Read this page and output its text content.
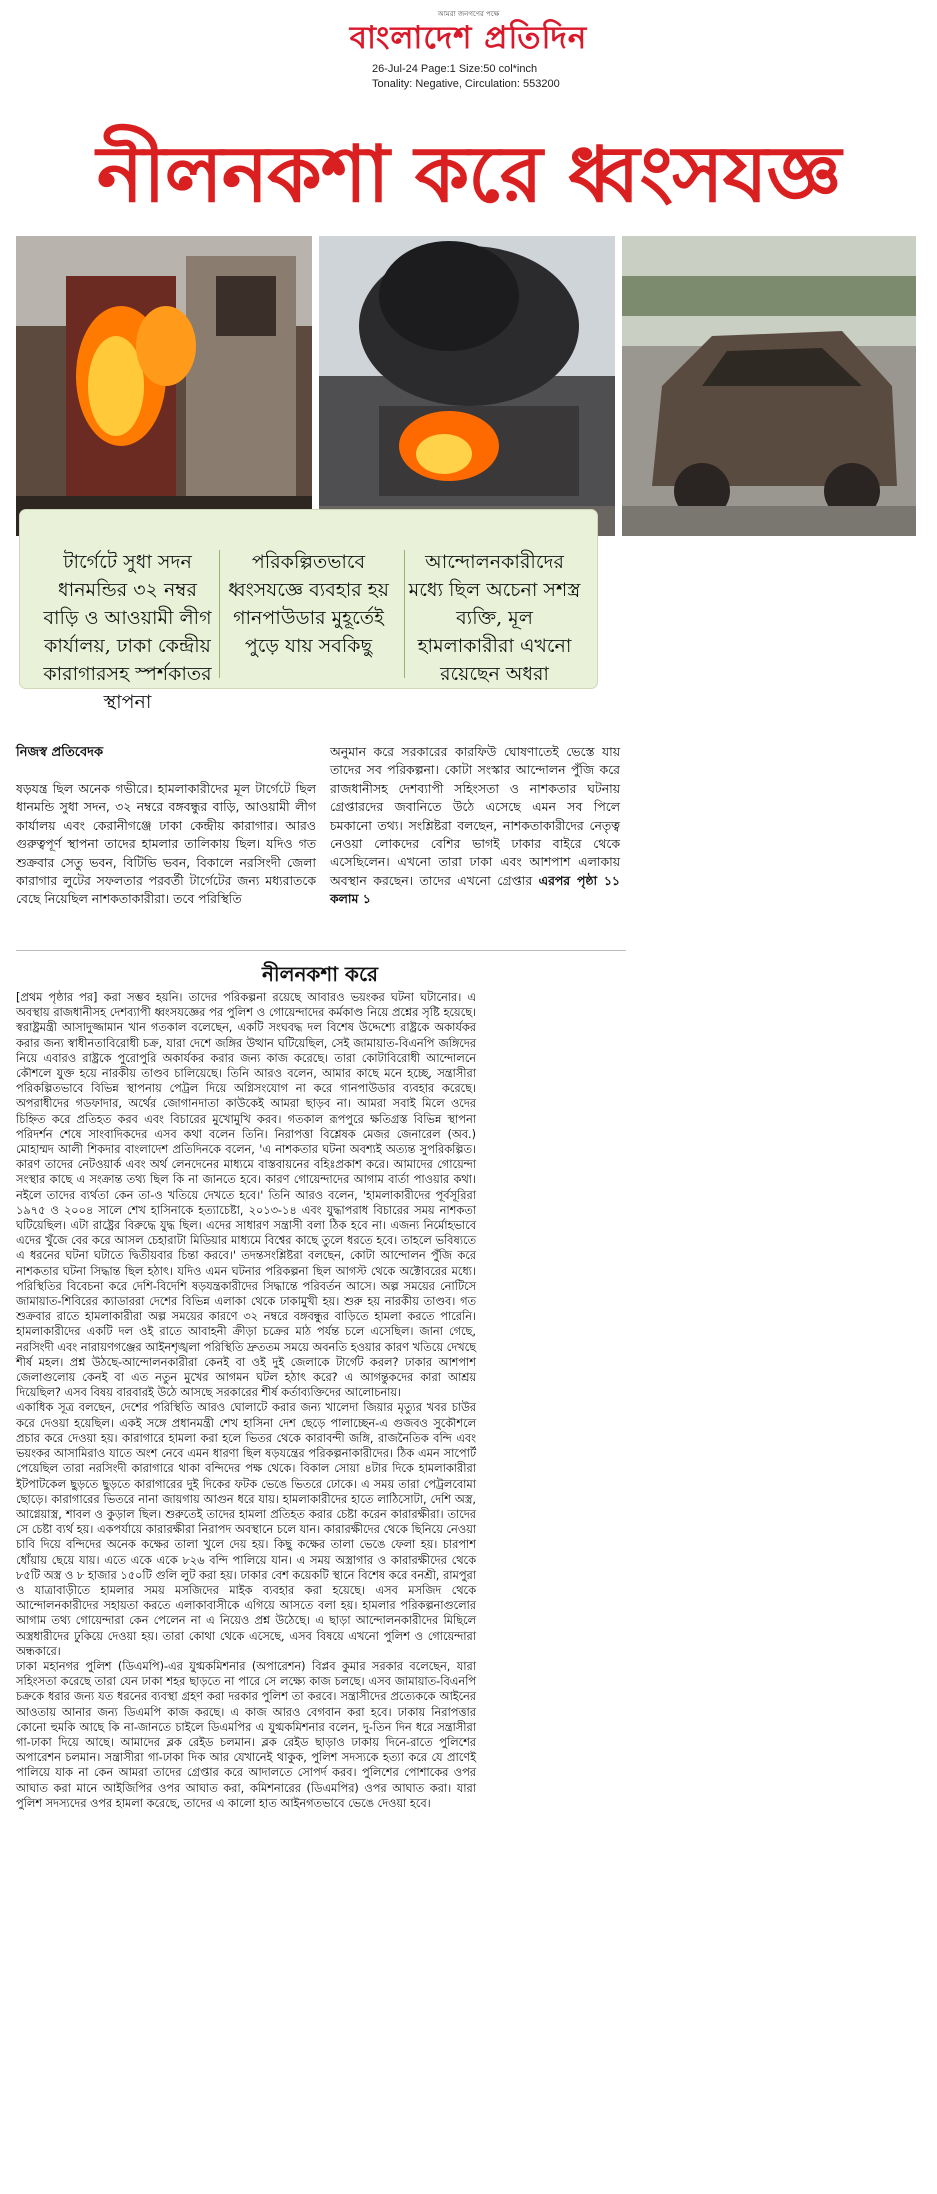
আমরা জনগণের পক্ষে
বাংলাদেশ প্রতিদিন
26-Jul-24 Page:1 Size:50 col*inch
Tonality: Negative, Circulation: 553200
নীলনকশা করে ধ্বংসযজ্ঞ
টার্গেটে সুধা সদন ধানমন্ডির ৩২ নম্বর বাড়ি ও আওয়ামী লীগ কার্যালয়, ঢাকা কেন্দ্রীয় কারাগারসহ স্পর্শকাতর স্থাপনা
পরিকল্পিতভাবে ধ্বংসযজ্ঞে ব্যবহার হয় গানপাউডার মুহূর্তেই পুড়ে যায় সবকিছু
আন্দোলনকারীদের মধ্যে ছিল অচেনা সশস্ত্র ব্যক্তি, মূল হামলাকারীরা এখনো রয়েছেন অধরা
নিজস্ব প্রতিবেদক
ষড়যন্ত্র ছিল অনেক গভীরে। হামলাকারীদের মূল টার্গেটে ছিল ধানমন্ডি সুধা সদন, ৩২ নম্বরে বঙ্গবন্ধুর বাড়ি, আওয়ামী লীগ কার্যালয় এবং কেরানীগঞ্জে ঢাকা কেন্দ্রীয় কারাগার। আরও গুরুত্বপূর্ণ স্থাপনা তাদের হামলার তালিকায় ছিল। যদিও গত শুক্রবার সেতু ভবন, বিটিভি ভবন, বিকালে নরসিংদী জেলা কারাগার লুটের সফলতার পরবর্তী টার্গেটের জন্য মধ্যরাতকে বেছে নিয়েছিল নাশকতাকারীরা। তবে পরিস্থিতি
অনুমান করে সরকারের কারফিউ ঘোষণাতেই ভেস্তে যায় তাদের সব পরিকল্পনা। কোটা সংস্কার আন্দোলন পুঁজি করে রাজধানীসহ দেশব্যাপী সহিংসতা ও নাশকতার ঘটনায় গ্রেপ্তারদের জবানিতে উঠে এসেছে এমন সব পিলে চমকানো তথ্য। সংশ্লিষ্টরা বলছেন, নাশকতাকারীদের নেতৃত্ব নেওয়া লোকদের বেশির ভাগই ঢাকার বাইরে থেকে এসেছিলেন। এখনো তারা ঢাকা এবং আশপাশ এলাকায় অবস্থান করছেন। তাদের এখনো গ্রেপ্তার এরপর পৃষ্ঠা ১১ কলাম ১
নীলনকশা করে

[প্রথম পৃষ্ঠার পর] করা সম্ভব হয়নি। তাদের পরিকল্পনা রয়েছে আবারও ভয়ংকর ঘটনা ঘটানোর। এ অবস্থায় রাজধানীসহ দেশব্যাপী ধ্বংসযজ্ঞের পর পুলিশ ও গোয়েন্দাদের কর্মকাণ্ড নিয়ে প্রশ্নের সৃষ্টি হয়েছে। স্বরাষ্ট্রমন্ত্রী আসাদুজ্জামান খান গতকাল বলেছেন, একটি সংঘবদ্ধ দল বিশেষ উদ্দেশ্যে রাষ্ট্রকে অকার্যকর করার জন্য স্বাধীনতাবিরোধী চক্র, যারা দেশে জঙ্গির উত্থান ঘটিয়েছিল, সেই জামায়াত-বিএনপি জঙ্গিদের নিয়ে এবারও রাষ্ট্রকে পুরোপুরি অকার্যকর করার জন্য কাজ করেছে। তারা কোটাবিরোধী আন্দোলনে কৌশলে যুক্ত হয়ে নারকীয় তাণ্ডব চালিয়েছে। তিনি আরও বলেন, আমার কাছে মনে হচ্ছে, সন্ত্রাসীরা পরিকল্পিতভাবে বিভিন্ন স্থাপনায় পেট্রল দিয়ে অগ্নিসংযোগ না করে গানপাউডার ব্যবহার করেছে। অপরাধীদের গডফাদার, অর্থের জোগানদাতা কাউকেই আমরা ছাড়ব না। আমরা সবাই মিলে ওদের চিহ্নিত করে প্রতিহত করব এবং বিচারের মুখোমুখি করব। গতকাল রূপপুরে ক্ষতিগ্রস্ত বিভিন্ন স্থাপনা পরিদর্শন শেষে সাংবাদিকদের এসব কথা বলেন তিনি। নিরাপত্তা বিশ্লেষক মেজর জেনারেল (অব.) মোহাম্মদ আলী শিকদার বাংলাদেশ প্রতিদিনকে বলেন, 'এ নাশকতার ঘটনা অবশ্যই অত্যন্ত সুপরিকল্পিত। কারণ তাদের নেটওয়ার্ক এবং অর্থ লেনদেনের মাধ্যমে বাস্তবায়নের বহিঃপ্রকাশ করে। আমাদের গোয়েন্দা সংস্থার কাছে এ সংক্রান্ত তথ্য ছিল কি না জানতে হবে। কারণ গোয়েন্দাদের আগাম বার্তা পাওয়ার কথা। নইলে তাদের ব্যর্থতা কেন তা-ও খতিয়ে দেখতে হবে।' তিনি আরও বলেন, 'হামলাকারীদের পূর্বসূরিরা ১৯৭৫ ও ২০০৪ সালে শেখ হাসিনাকে হত্যাচেষ্টা, ২০১৩-১৪ এবং যুদ্ধাপরাধ বিচারের সময় নাশকতা ঘটিয়েছিল। এটা রাষ্ট্রের বিরুদ্ধে যুদ্ধ ছিল। এদের সাধারণ সন্ত্রাসী বলা ঠিক হবে না। এজন্য নির্মোহভাবে এদের খুঁজে বের করে আসল চেহারাটা মিডিয়ার মাধ্যমে বিশ্বের কাছে তুলে ধরতে হবে। তাহলে ভবিষ্যতে এ ধরনের ঘটনা ঘটাতে দ্বিতীয়বার চিন্তা করবে।' তদন্তসংশ্লিষ্টরা বলছেন, কোটা আন্দোলন পুঁজি করে নাশকতার ঘটনা সিদ্ধান্ত ছিল হঠাৎ। যদিও এমন ঘটনার পরিকল্পনা ছিল আগস্ট থেকে অক্টোবরের মধ্যে। পরিস্থিতির বিবেচনা করে দেশি-বিদেশি ষড়যন্ত্রকারীদের সিদ্ধান্তে পরিবর্তন আসে। অল্প সময়ের নোটিসে জামায়াত-শিবিরের ক্যাডাররা দেশের বিভিন্ন এলাকা থেকে ঢাকামুখী হয়। শুরু হয় নারকীয় তাণ্ডব। গত শুক্রবার রাতে হামলাকারীরা অল্প সময়ের কারণে ৩২ নম্বরে বঙ্গবন্ধুর বাড়িতে হামলা করতে পারেনি। হামলাকারীদের একটি দল ওই রাতে আবাহনী ক্রীড়া চক্রের মাঠ পর্যন্ত চলে এসেছিল। জানা গেছে, নরসিংদী এবং নারায়ণগঞ্জের আইনশৃঙ্খলা পরিস্থিতি দ্রুততম সময়ে অবনতি হওয়ার কারণ খতিয়ে দেখছে শীর্ষ মহল। প্রশ্ন উঠছে-আন্দোলনকারীরা কেনই বা ওই দুই জেলাকে টার্গেট করল? ঢাকার আশপাশ জেলাগুলোয় কেনই বা এত নতুন মুখের আগমন ঘটল হঠাৎ করে? এ আগন্তুকদের কারা আশ্রয় দিয়েছিল? এসব বিষয় বারবারই উঠে আসছে সরকারের শীর্ষ কর্তাব্যক্তিদের আলোচনায়।

একাধিক সূত্র বলছেন, দেশের পরিস্থিতি আরও ঘোলাটে করার জন্য খালেদা জিয়ার মৃত্যুর খবর চাউর করে দেওয়া হয়েছিল। একই সঙ্গে প্রধানমন্ত্রী শেখ হাসিনা দেশ ছেড়ে পালাচ্ছেন-এ গুজবও সুকৌশলে প্রচার করে দেওয়া হয়। কারাগারে হামলা করা হলে ভিতর থেকে কারাবন্দী জঙ্গি, রাজনৈতিক বন্দি এবং ভয়ংকর আসামিরাও যাতে অংশ নেবে এমন ধারণা ছিল ষড়যন্ত্রের পরিকল্পনাকারীদের। ঠিক এমন সাপোর্ট পেয়েছিল তারা নরসিংদী কারাগারে থাকা বন্দিদের পক্ষ থেকে। বিকাল সোয়া ৪টার দিকে হামলাকারীরা ইটপাটকেল ছুড়তে ছুড়তে কারাগারের দুই দিকের ফটক ভেঙে ভিতরে ঢোকে। এ সময় তারা পেট্রলবোমা ছোড়ে। কারাগারের ভিতরে নানা জায়গায় আগুন ধরে যায়। হামলাকারীদের হাতে লাঠিসোটা, দেশি অস্ত্র, আগ্নেয়াস্ত্র, শাবল ও কুড়াল ছিল। শুরুতেই তাদের হামলা প্রতিহত করার চেষ্টা করেন কারারক্ষীরা। তাদের সে চেষ্টা ব্যর্থ হয়। একপর্যায়ে কারারক্ষীরা নিরাপদ অবস্থানে চলে যান। কারারক্ষীদের থেকে ছিনিয়ে নেওয়া চাবি দিয়ে বন্দিদের অনেক কক্ষের তালা খুলে দেয় হয়। কিছু কক্ষের তালা ভেঙে ফেলা হয়। চারপাশ ধোঁয়ায় ছেয়ে যায়। এতে একে একে ৮২৬ বন্দি পালিয়ে যান। এ সময় অস্ত্রাগার ও কারারক্ষীদের থেকে ৮৫টি অস্ত্র ও ৮ হাজার ১৫০টি গুলি লুট করা হয়। ঢাকার বেশ কয়েকটি স্থানে বিশেষ করে বনশ্রী, রামপুরা ও যাত্রাবাড়ীতে হামলার সময় মসজিদের মাইক ব্যবহার করা হয়েছে। এসব মসজিদ থেকে আন্দোলনকারীদের সহায়তা করতে এলাকাবাসীকে এগিয়ে আসতে বলা হয়। হামলার পরিকল্পনাগুলোর আগাম তথ্য গোয়েন্দারা কেন পেলেন না এ নিয়েও প্রশ্ন উঠেছে। এ ছাড়া আন্দোলনকারীদের মিছিলে অস্ত্রধারীদের ঢুকিয়ে দেওয়া হয়। তারা কোথা থেকে এসেছে, এসব বিষয়ে এখনো পুলিশ ও গোয়েন্দারা অন্ধকারে।

ঢাকা মহানগর পুলিশ (ডিএমপি)-এর যুগ্মকমিশনার (অপারেশন) বিপ্লব কুমার সরকার বলেছেন, যারা সহিংসতা করেছে তারা যেন ঢাকা শহর ছাড়তে না পারে সে লক্ষ্যে কাজ চলছে। এসব জামায়াত-বিএনপি চক্রকে ধরার জন্য যত ধরনের ব্যবস্থা গ্রহণ করা দরকার পুলিশ তা করবে। সন্ত্রাসীদের প্রত্যেককে আইনের আওতায় আনার জন্য ডিএমপি কাজ করছে। এ কাজ আরও বেগবান করা হবে। ঢাকায় নিরাপত্তার কোনো হুমকি আছে কি না-জানতে চাইলে ডিএমপির এ যুগ্মকমিশনার বলেন, দু-তিন দিন ধরে সন্ত্রাসীরা গা-ঢাকা দিয়ে আছে। আমাদের ব্লক রেইড চলমান। ব্লক রেইড ছাড়াও ঢাকায় দিনে-রাতে পুলিশের অপারেশন চলমান। সন্ত্রাসীরা গা-ঢাকা দিক আর যেখানেই থাকুক, পুলিশ সদস্যকে হত্যা করে যে প্রাণেই পালিয়ে যাক না কেন আমরা তাদের গ্রেপ্তার করে আদালতে সোপর্দ করব। পুলিশের পোশাকের ওপর আঘাত করা মানে আইজিপির ওপর আঘাত করা, কমিশনারের (ডিএমপির) ওপর আঘাত করা। যারা পুলিশ সদস্যদের ওপর হামলা করেছে, তাদের এ কালো হাত আইনগতভাবে ভেঙে দেওয়া হবে।
